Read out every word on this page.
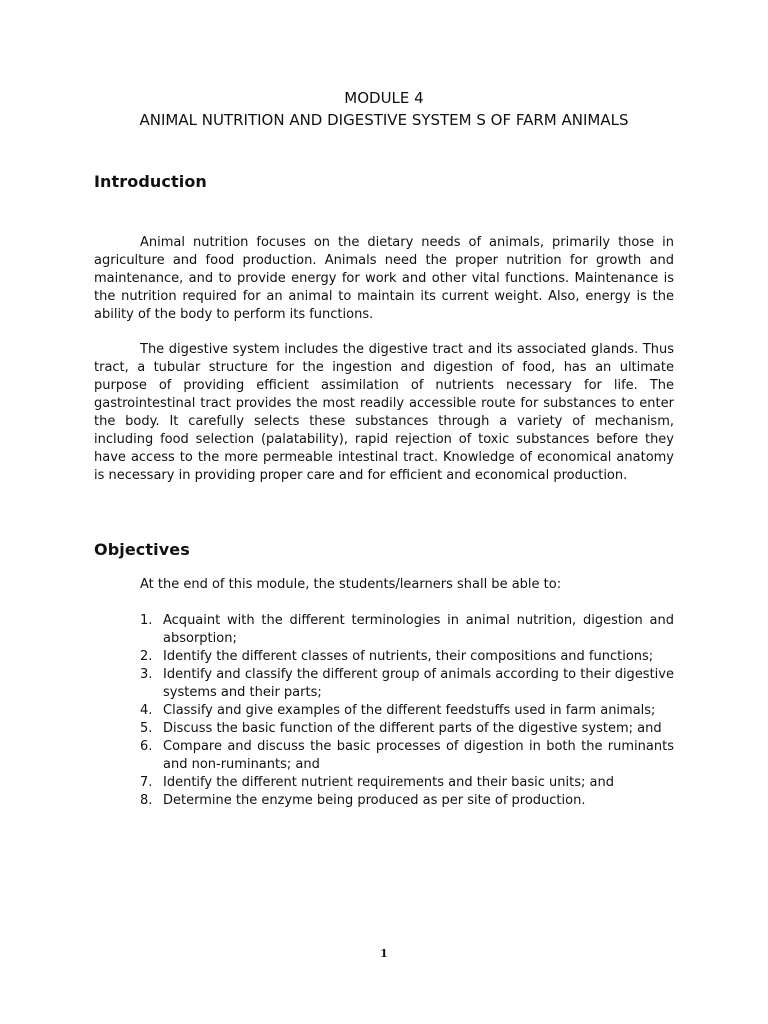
MODULE 4
ANIMAL NUTRITION AND DIGESTIVE SYSTEM S OF FARM ANIMALS
Introduction

Animal nutrition focuses on the dietary needs of animals, primarily those in agriculture and food production. Animals need the proper nutrition for growth and maintenance, and to provide energy for work and other vital functions. Maintenance is the nutrition required for an animal to maintain its current weight. Also, energy is the ability of the body to perform its functions.

The digestive system includes the digestive tract and its associated glands. Thus tract, a tubular structure for the ingestion and digestion of food, has an ultimate purpose of providing efficient assimilation of nutrients necessary for life. The gastrointestinal tract provides the most readily accessible route for substances to enter the body. It carefully selects these substances through a variety of mechanism, including food selection (palatability), rapid rejection of toxic substances before they have access to the more permeable intestinal tract. Knowledge of economical anatomy is necessary in providing proper care and for efficient and economical production.

Objectives

At the end of this module, the students/learners shall be able to:

1. Acquaint with the different terminologies in animal nutrition, digestion and absorption;
2. Identify the different classes of nutrients, their compositions and functions;
3. Identify and classify the different group of animals according to their digestive systems and their parts;
4. Classify and give examples of the different feedstuffs used in farm animals;
5. Discuss the basic function of the different parts of the digestive system; and
6. Compare and discuss the basic processes of digestion in both the ruminants and non-ruminants; and
7. Identify the different nutrient requirements and their basic units; and
8. Determine the enzyme being produced as per site of production.
1
